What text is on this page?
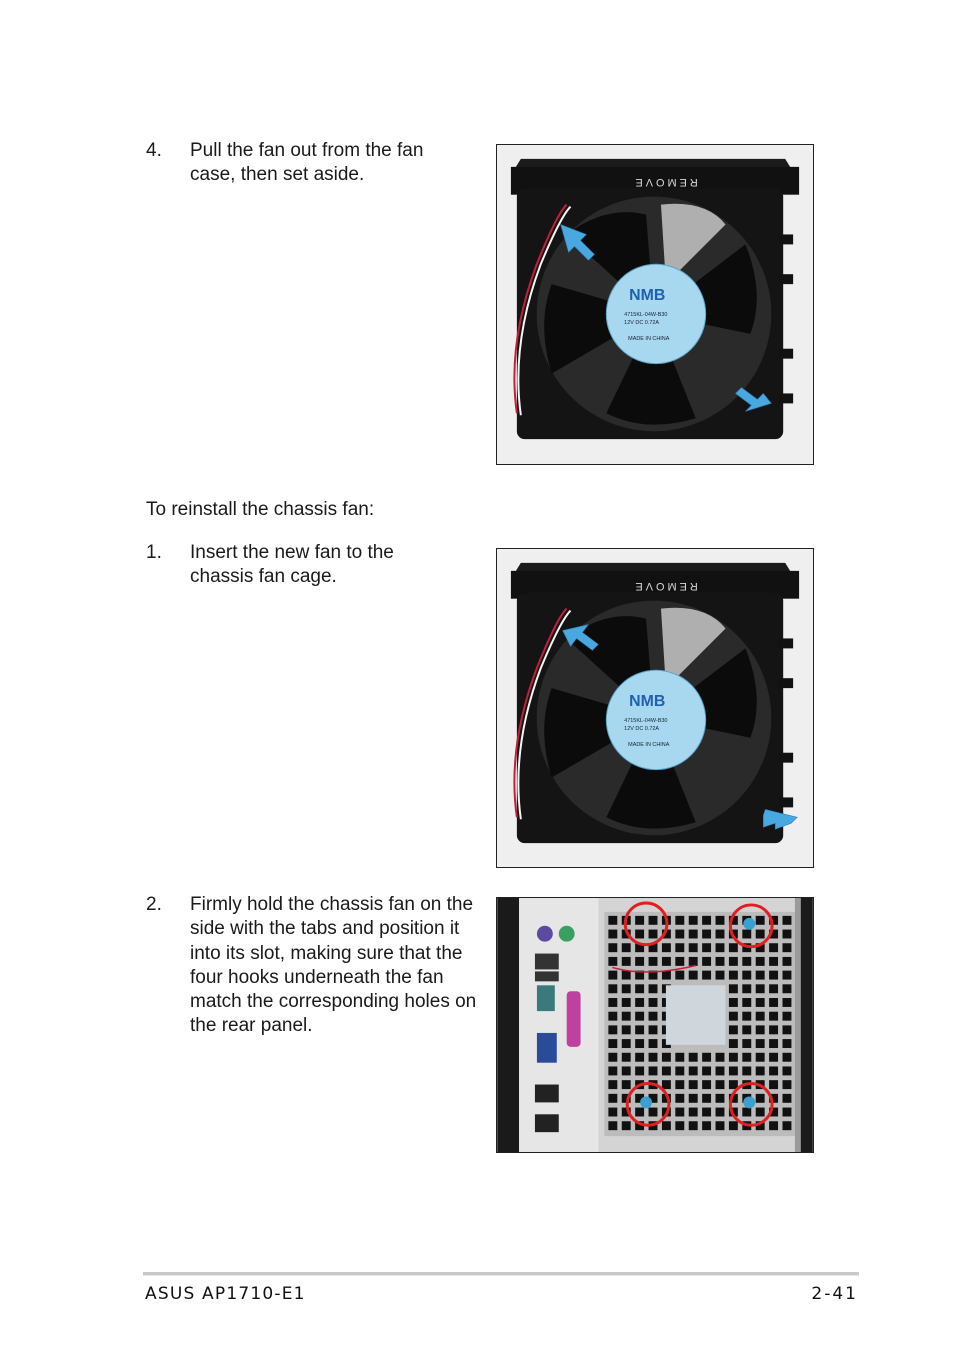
4. Pull the fan out from the fan case, then set aside.	REMOVE
NMB
4715KL-04W-B30
12V DC 0.72A
MADE IN CHINA
To reinstall the chassis fan:
1. Insert the new fan to the chassis fan cage.	REMOVE
NMB
4715KL-04W-B30
12V DC 0.72A
MADE IN CHINA
2. Firmly hold the chassis fan on the side with the tabs and position it into its slot, making sure that the four hooks underneath the fan match the corresponding holes on the rear panel.
ASUS AP1710-E1	2-41
